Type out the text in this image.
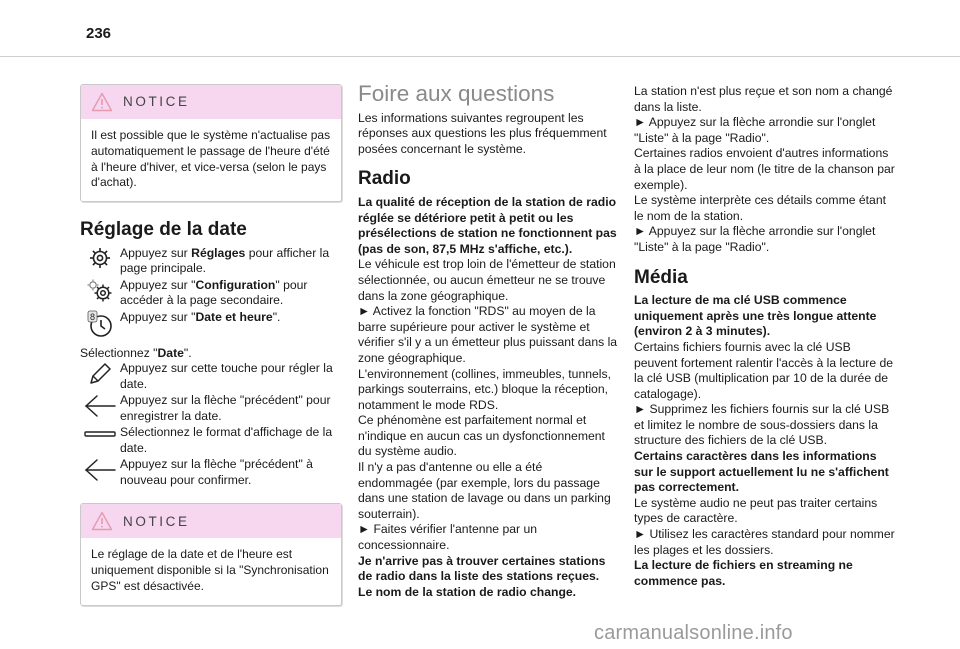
236
NOTICE
Il est possible que le système n'actualise pas automatiquement le passage de l'heure d'été à l'heure d'hiver, et vice-versa (selon le pays d'achat).
Réglage de la date
Appuyez sur Réglages pour afficher la page principale.
Appuyez sur "Configuration" pour accéder à la page secondaire.
8 Appuyez sur "Date et heure".

Sélectionnez "Date".

Appuyez sur cette touche pour régler la date.
Appuyez sur la flèche "précédent" pour enregistrer la date.
Sélectionnez le format d'affichage de la date.
Appuyez sur la flèche "précédent" à nouveau pour confirmer.
NOTICE
Le réglage de la date et de l'heure est uniquement disponible si la "Synchronisation GPS" est désactivée.
Foire aux questions

Les informations suivantes regroupent les réponses aux questions les plus fréquemment posées concernant le système.

Radio

La qualité de réception de la station de radio réglée se détériore petit à petit ou les présélections de station ne fonctionnent pas (pas de son, 87,5 MHz s'affiche, etc.).

Le véhicule est trop loin de l'émetteur de station sélectionnée, ou aucun émetteur ne se trouve dans la zone géographique.

► Activez la fonction "RDS" au moyen de la barre supérieure pour activer le système et vérifier s'il y a un émetteur plus puissant dans la zone géographique.

L'environnement (collines, immeubles, tunnels, parkings souterrains, etc.) bloque la réception, notamment le mode RDS.

Ce phénomène est parfaitement normal et n'indique en aucun cas un dysfonctionnement du système audio.

Il n'y a pas d'antenne ou elle a été endommagée (par exemple, lors du passage dans une station de lavage ou dans un parking souterrain).

► Faites vérifier l'antenne par un concessionnaire.

Je n'arrive pas à trouver certaines stations de radio dans la liste des stations reçues.

Le nom de la station de radio change.

La station n'est plus reçue et son nom a changé dans la liste.

► Appuyez sur la flèche arrondie sur l'onglet "Liste" à la page "Radio".

Certaines radios envoient d'autres informations à la place de leur nom (le titre de la chanson par exemple).

Le système interprète ces détails comme étant le nom de la station.

► Appuyez sur la flèche arrondie sur l'onglet "Liste" à la page "Radio".

Média

La lecture de ma clé USB commence uniquement après une très longue attente (environ 2 à 3 minutes).

Certains fichiers fournis avec la clé USB peuvent fortement ralentir l'accès à la lecture de la clé USB (multiplication par 10 de la durée de catalogage).

► Supprimez les fichiers fournis sur la clé USB et limitez le nombre de sous-dossiers dans la structure des fichiers de la clé USB.

Certains caractères dans les informations sur le support actuellement lu ne s'affichent pas correctement.

Le système audio ne peut pas traiter certains types de caractère.

► Utilisez les caractères standard pour nommer les plages et les dossiers.

La lecture de fichiers en streaming ne commence pas.

carmanualsonline.info
